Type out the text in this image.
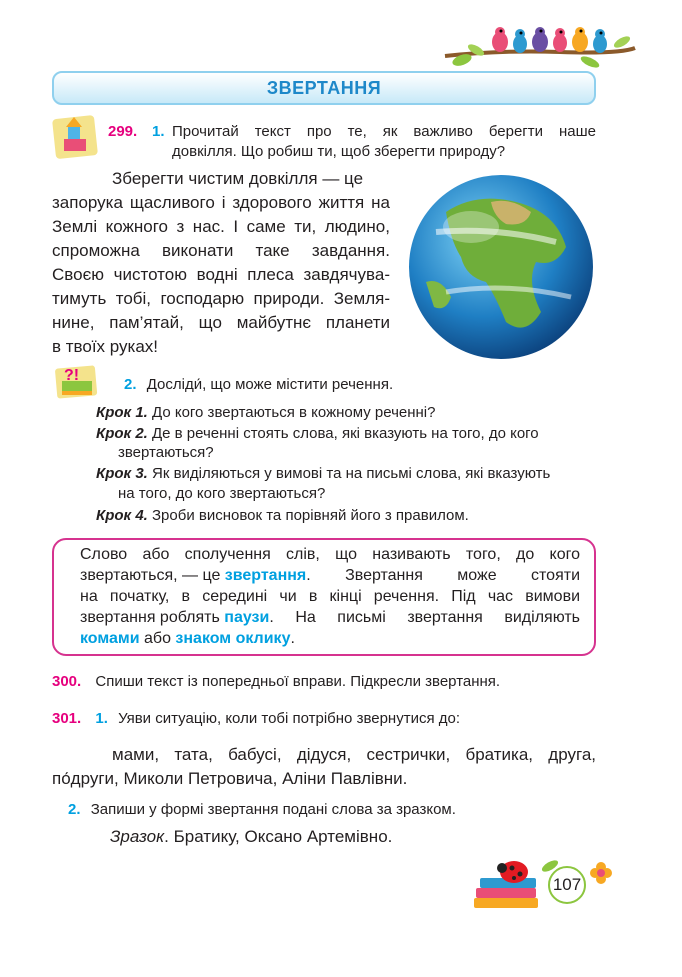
ЗВЕРТАННЯ
299. 1. Прочитай текст про те, як важливо берегти наше
довкілля. Що робиш ти, щоб зберегти природу?
Зберегти чистим довкілля — це
запорука щасливого і здорового життя на
Землі кожного з нас. І саме ти, людино,
спроможна виконати таке завдання.
Своєю чистотою водні плеса завдячува-
тимуть тобі, господарю природи. Земля-
нине, пам’ятай, що майбутнє планети
в твоїх руках!
?!
2. Досліди́, що може містити речення.
Крок 1. До кого звертаються в кожному реченні?
Крок 2. Де в реченні стоять слова, які вказують на того, до кого
звертаються?
Крок 3. Як виділяються у вимові та на письмі слова, які вказують
на того, до кого звертаються?
Крок 4. Зроби висновок та порівняй його з правилом.
Слово або сполучення слів, що називають того, до кого
звертаються, — це звертання . Звертання може стояти
на початку, в середині чи в кінці речення. Під час вимови
звертання роблять паузи . На письмі звертання виділяють
комами або знаком оклику.
300. Спиши текст із попередньої вправи. Підкресли звертання.
301. 1. Уяви ситуацію, коли тобі потрібно звернутися до:
мами, тата, бабусі, дідуся, сестрички, братика, друга,
по́други, Миколи Петровича, Аліни Павлівни.
2. Запиши у формі звертання подані слова за зразком.
Зразок. Братику, Оксано Артемівно.
107
